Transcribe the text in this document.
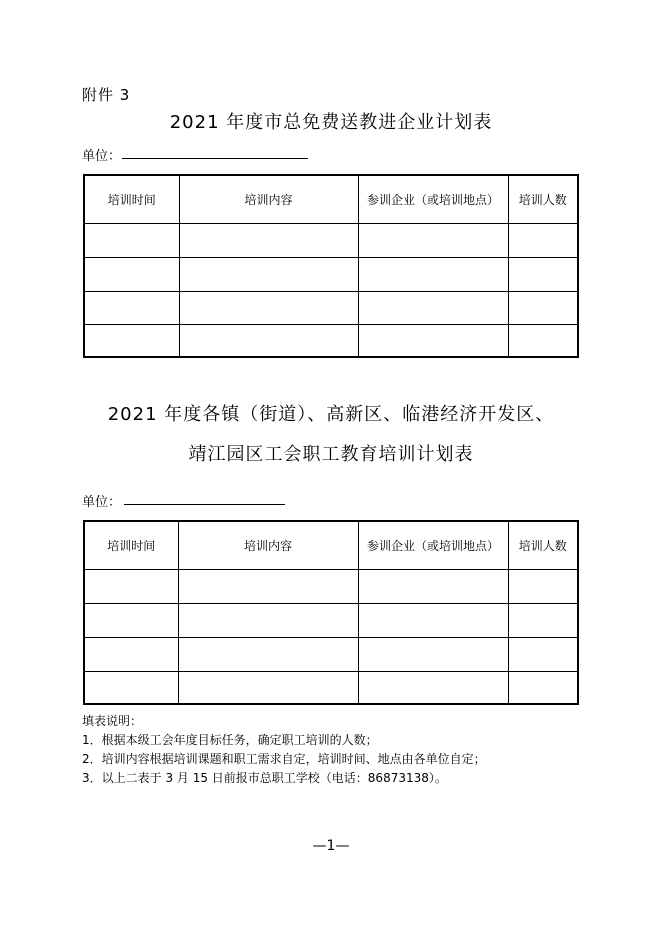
附件 3
2021 年度市总免费送教进企业计划表
单位：
培训时间	培训内容	参训企业（或培训地点）	培训人数

2021 年度各镇（街道）、高新区、临港经济开发区、
靖江园区工会职工教育培训计划表
单位：
培训时间	培训内容	参训企业（或培训地点）	培训人数

填表说明：
1．根据本级工会年度目标任务，确定职工培训的人数；
2．培训内容根据培训课题和职工需求自定，培训时间、地点由各单位自定；
3．以上二表于 3 月 15 日前报市总职工学校（电话：86873138）。
—1—
